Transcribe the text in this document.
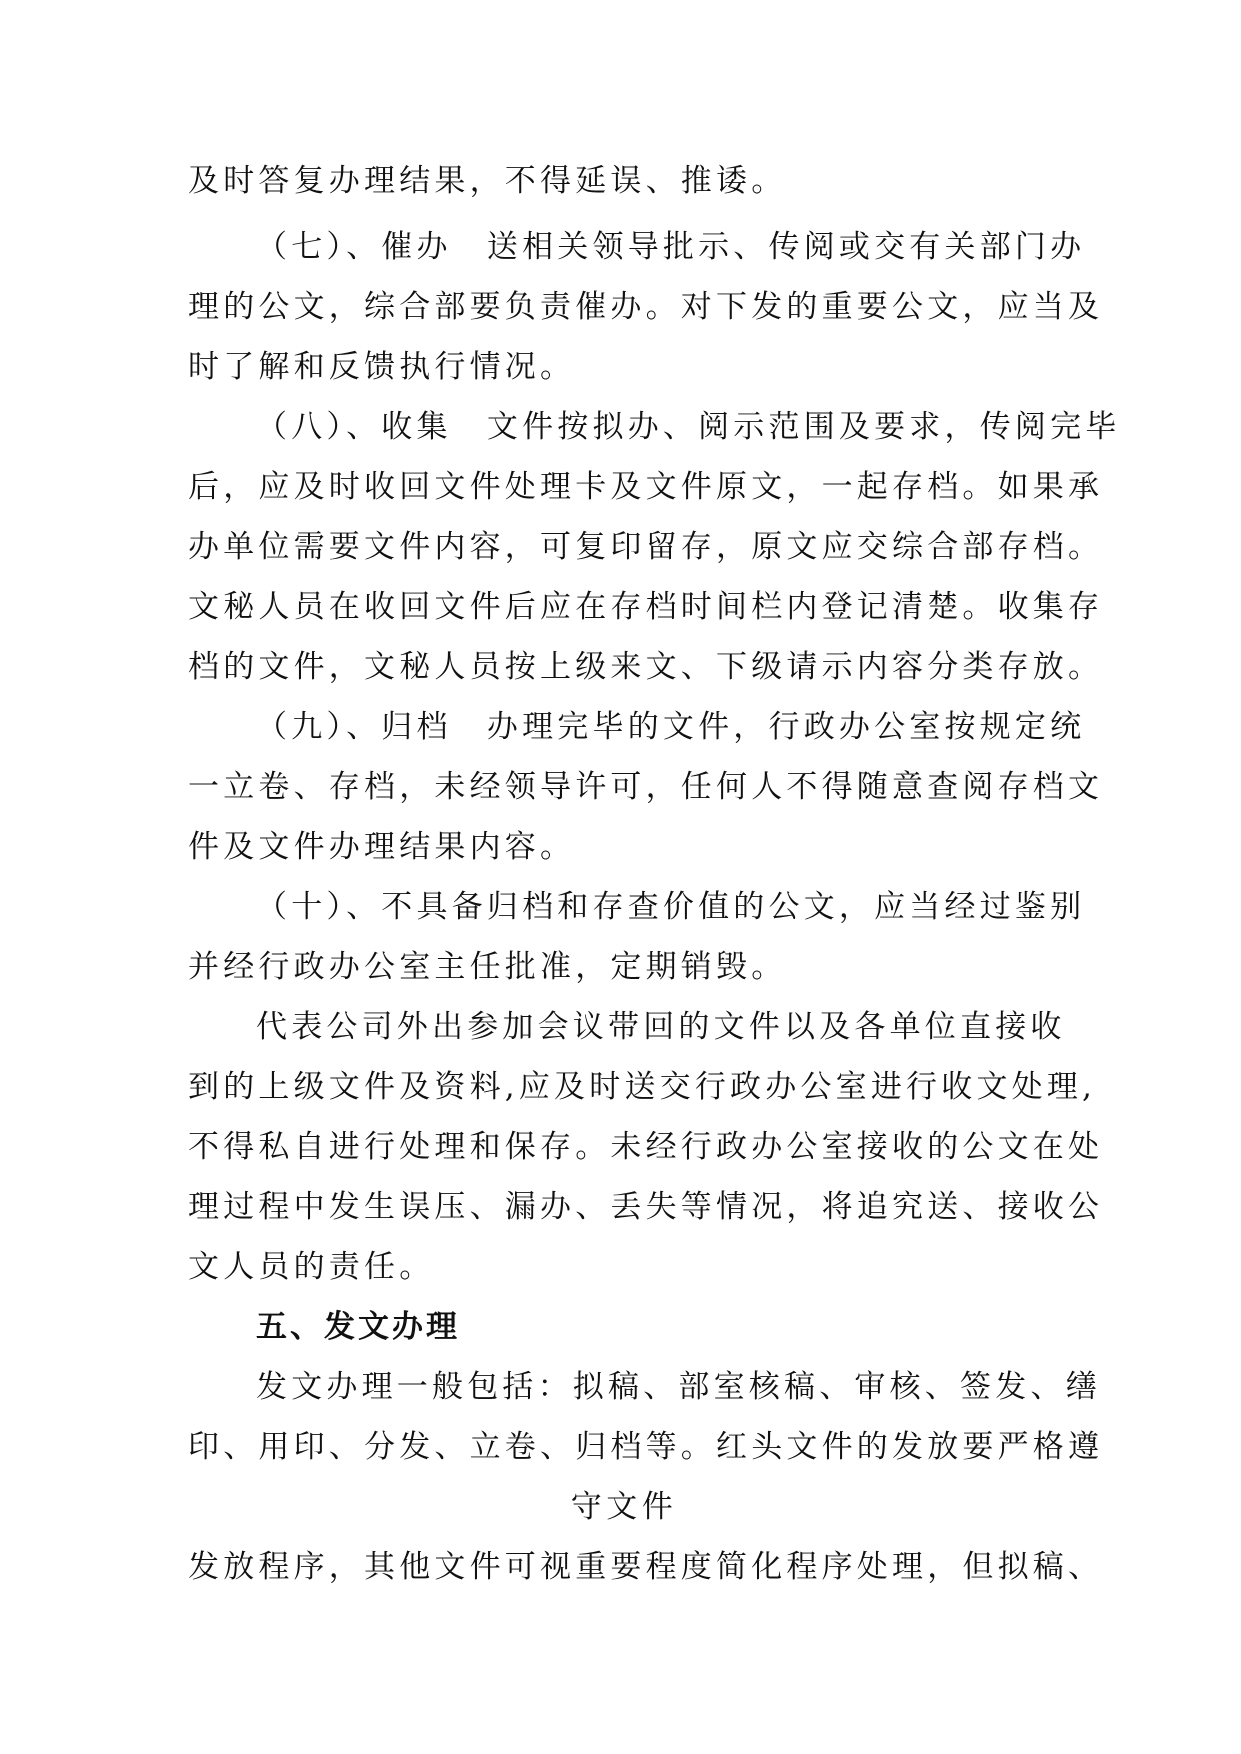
及时答复办理结果，不得延误、推诿。
（七）、催办　送相关领导批示、传阅或交有关部门办
理的公文，综合部要负责催办。对下发的重要公文，应当及
时了解和反馈执行情况。
（八）、收集　文件按拟办、阅示范围及要求，传阅完毕
后，应及时收回文件处理卡及文件原文，一起存档。如果承
办单位需要文件内容，可复印留存，原文应交综合部存档。
文秘人员在收回文件后应在存档时间栏内登记清楚。收集存
档的文件，文秘人员按上级来文、下级请示内容分类存放。
（九）、归档　办理完毕的文件，行政办公室按规定统
一立卷、存档，未经领导许可，任何人不得随意查阅存档文
件及文件办理结果内容。
（十）、不具备归档和存查价值的公文，应当经过鉴别
并经行政办公室主任批准，定期销毁。
代表公司外出参加会议带回的文件以及各单位直接收
到的上级文件及资料,应及时送交行政办公室进行收文处理,
不得私自进行处理和保存。未经行政办公室接收的公文在处
理过程中发生误压、漏办、丢失等情况，将追究送、接收公
文人员的责任。
五、发文办理
发文办理一般包括：拟稿、部室核稿、审核、签发、缮
印、用印、分发、立卷、归档等。红头文件的发放要严格遵
守文件
发放程序，其他文件可视重要程度简化程序处理，但拟稿、
